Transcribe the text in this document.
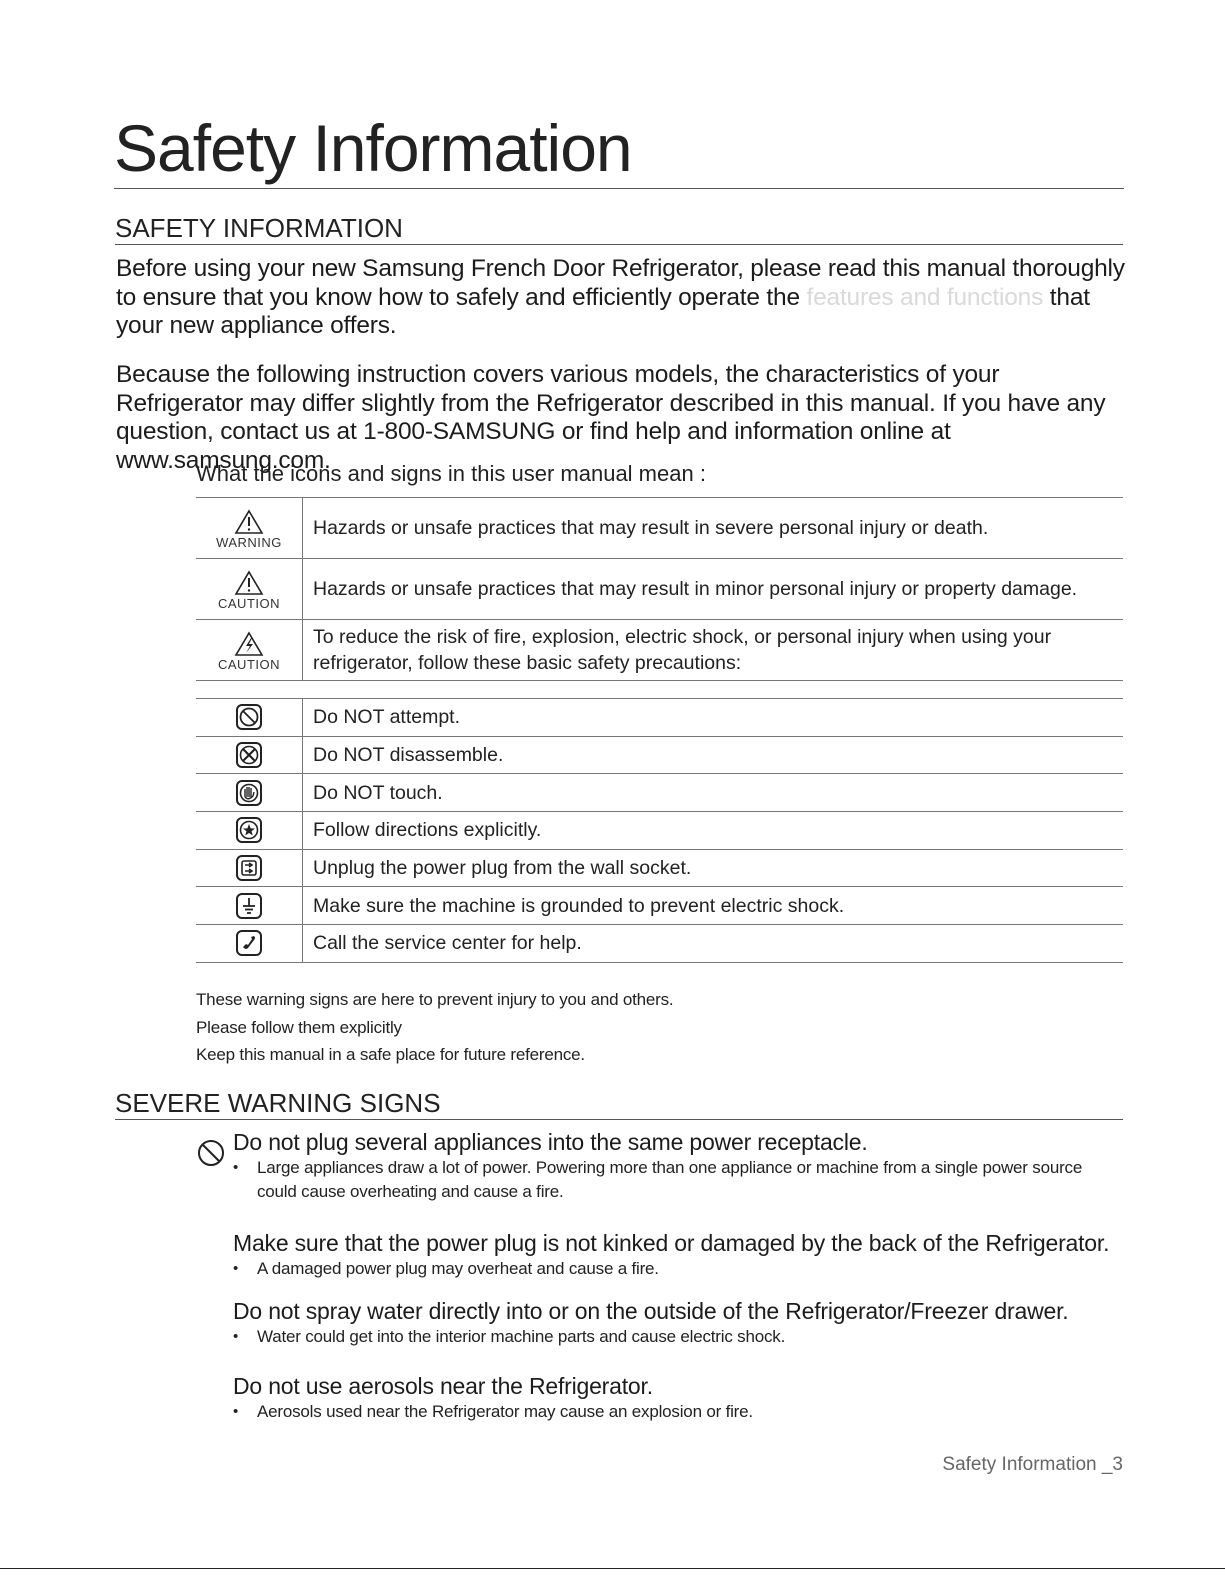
Safety Information
SAFETY INFORMATION

Before using your new Samsung French Door Refrigerator, please read this manual thoroughly to ensure that you know how to safely and efficiently operate the features and functions that your new appliance offers.

Because the following instruction covers various models, the characteristics of your Refrigerator may differ slightly from the Refrigerator described in this manual. If you have any question, contact us at 1-800-SAMSUNG or find help and information online at www.samsung.com.

What the icons and signs in this user manual mean :
WARNING	Hazards or unsafe practices that may result in severe personal injury or death.

CAUTION	Hazards or unsafe practices that may result in minor personal injury or property damage.

CAUTION	To reduce the risk of fire, explosion, electric shock, or personal injury when using your refrigerator, follow these basic safety precautions:
	Do NOT attempt.

	Do NOT disassemble.

	Do NOT touch.

	Follow directions explicitly.

	Unplug the power plug from the wall socket.

	Make sure the machine is grounded to prevent electric shock.

	Call the service center for help.
These warning signs are here to prevent injury to you and others.
Please follow them explicitly
Keep this manual in a safe place for future reference.
SEVERE WARNING SIGNS
Do not plug several appliances into the same power receptacle.
• Large appliances draw a lot of power. Powering more than one appliance or machine from a single power source could cause overheating and cause a fire.
Make sure that the power plug is not kinked or damaged by the back of the Refrigerator.
• A damaged power plug may overheat and cause a fire.
Do not spray water directly into or on the outside of the Refrigerator/Freezer drawer.
• Water could get into the interior machine parts and cause electric shock.
Do not use aerosols near the Refrigerator.
• Aerosols used near the Refrigerator may cause an explosion or fire.
Safety Information _3
